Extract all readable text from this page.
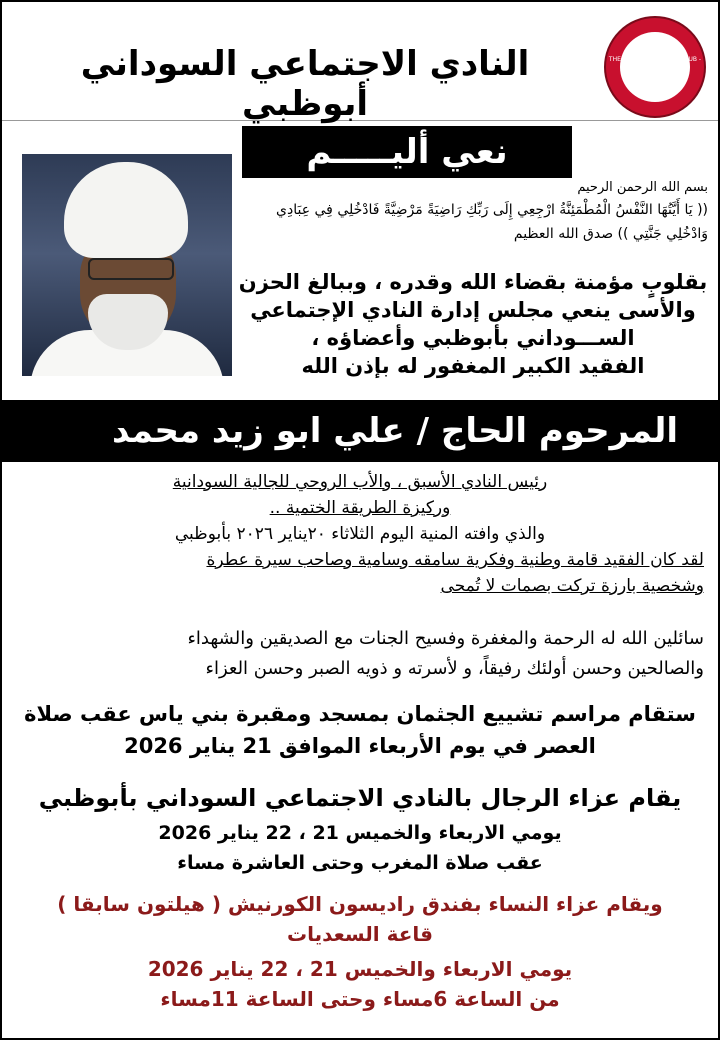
THE SUDANESE SOCIAL CLUB - ABU DHABI
النادي الاجتماعي السوداني أبوظبي
نعي أليـــــم
بسم الله الرحمن الرحيم
(( يَا أَيَّتُهَا النَّفْسُ الْمُطْمَئِنَّةُ ارْجِعِي إِلَى رَبِّكِ رَاضِيَةً مَرْضِيَّةً فَادْخُلِي فِي عِبَادِي وَادْخُلِي جَنَّتِي )) صدق الله العظيم
بقلوبٍ مؤمنة بقضاء الله وقدره ، وببالغ الحزن
والأسى ينعي مجلس إدارة النادي الإجتماعي
الســـوداني بأبوظبي وأعضاؤه ،
الفقيد الكبير المغفور له بإذن الله
المرحوم الحاج / علي ابو زيد محمد صـــــالح
رئيس النادي الأسبق ، والأب الروحي للجالية السودانية
وركيزة الطريقة الختمية ..
والذي وافته المنية اليوم الثلاثاء ٢٠يناير ٢٠٢٦ بأبوظبي
لقد كان الفقيد قامة وطنية وفكرية سامقه وسامية وصاحب سيرة عطرة
وشخصية بارزة تركت بصمات لا تُمحى
سائلين الله له الرحمة والمغفرة وفسيح الجنات مع الصديقين والشهداء
والصالحين وحسن أولئك رفيقاً، و لأسرته و ذويه الصبر وحسن العزاء
ستقام مراسم تشييع الجثمان بمسجد ومقبرة بني ياس عقب صلاة
العصر في يوم الأربعاء الموافق 21 يناير 2026
يقام عزاء الرجال بالنادي الاجتماعي السوداني بأبوظبي
يومي الاربعاء والخميس 21 ، 22 يناير 2026
عقب صلاة المغرب وحتى العاشرة مساء
ويقام عزاء النساء بفندق راديسون الكورنيش ( هيلتون سابقا )
قاعة السعديات
يومي الاربعاء والخميس 21 ، 22 يناير 2026
من الساعة 6مساء وحتى الساعة 11مساء
